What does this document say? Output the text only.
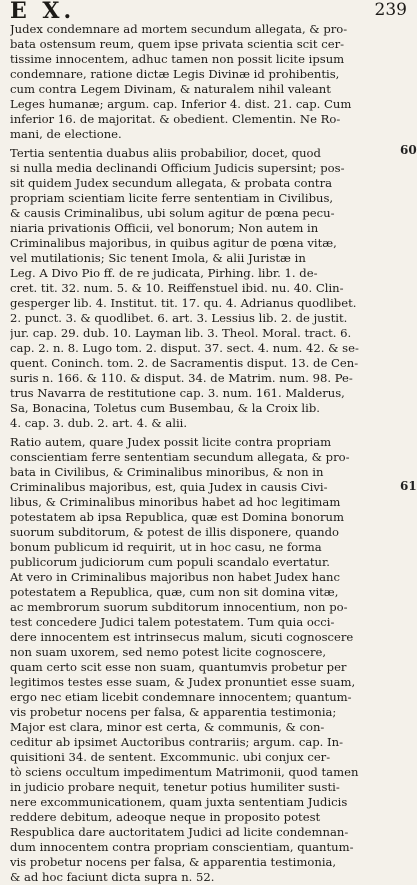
E X.	239
60
61
Judex condemnare ad mortem secundum allegata, & pro-
bata ostensum reum, quem ipse privata scientia scit cer-
tissime innocentem, adhuc tamen non possit licite ipsum
condemnare, ratione dictæ Legis Divinæ id prohibentis,
cum contra Legem Divinam, & naturalem nihil valeant
Leges humanæ; argum. cap. Inferior 4. dist. 21. cap. Cum
inferior 16. de majoritat. & obedient. Clementin. Ne Ro-
mani, de electione.
Tertia sententia duabus aliis probabilior, docet, quod
si nulla media declinandi Officium Judicis supersint; pos-
sit quidem Judex secundum allegata, & probata contra
propriam scientiam licite ferre sententiam in Civilibus,
& causis Criminalibus, ubi solum agitur de pœna pecu-
niaria privationis Officii, vel bonorum; Non autem in
Criminalibus majoribus, in quibus agitur de pœna vitæ,
vel mutilationis; Sic tenent Imola, & alii Juristæ in
Leg. A Divo Pio ff. de re judicata, Pirhing. libr. 1. de-
cret. tit. 32. num. 5. & 10. Reiffenstuel ibid. nu. 40. Clin-
gesperger lib. 4. Institut. tit. 17. qu. 4. Adrianus quodlibet.
2. punct. 3. & quodlibet. 6. art. 3. Lessius lib. 2. de justit.
jur. cap. 29. dub. 10. Layman lib. 3. Theol. Moral. tract. 6.
cap. 2. n. 8. Lugo tom. 2. disput. 37. sect. 4. num. 42. & se-
quent. Coninch. tom. 2. de Sacramentis disput. 13. de Cen-
suris n. 166. & 110. & disput. 34. de Matrim. num. 98. Pe-
trus Navarra de restitutione cap. 3. num. 161. Malderus,
Sa, Bonacina, Toletus cum Busembau, & la Croix lib.
4. cap. 3. dub. 2. art. 4. & alii.
Ratio autem, quare Judex possit licite contra propriam
conscientiam ferre sententiam secundum allegata, & pro-
bata in Civilibus, & Criminalibus minoribus, & non in
Criminalibus majoribus, est, quia Judex in causis Civi-
libus, & Criminalibus minoribus habet ad hoc legitimam
potestatem ab ipsa Republica, quæ est Domina bonorum
suorum subditorum, & potest de illis disponere, quando
bonum publicum id requirit, ut in hoc casu, ne forma
publicorum judiciorum cum populi scandalo evertatur.
At vero in Criminalibus majoribus non habet Judex hanc
potestatem a Republica, quæ, cum non sit domina vitæ,
ac membrorum suorum subditorum innocentium, non po-
test concedere Judici talem potestatem. Tum quia occi-
dere innocentem est intrinsecus malum, sicuti cognoscere
non suam uxorem, sed nemo potest licite cognoscere,
quam certo scit esse non suam, quantumvis probetur per
legitimos testes esse suam, & Judex pronuntiet esse suam,
ergo nec etiam licebit condemnare innocentem; quantum-
vis probetur nocens per falsa, & apparentia testimonia;
Major est clara, minor est certa, & communis, & con-
ceditur ab ipsimet Auctoribus contrariis; argum. cap. In-
quisitioni 34. de sentent. Excommunic. ubi conjux cer-
tò sciens occultum impedimentum Matrimonii, quod tamen
in judicio probare nequit, tenetur potius humiliter susti-
nere excommunicationem, quam juxta sententiam Judicis
reddere debitum, adeoque neque in proposito potest
Respublica dare auctoritatem Judici ad licite condemnan-
dum innocentem contra propriam conscientiam, quantum-
vis probetur nocens per falsa, & apparentia testimonia,
& ad hoc faciunt dicta supra n. 52.
